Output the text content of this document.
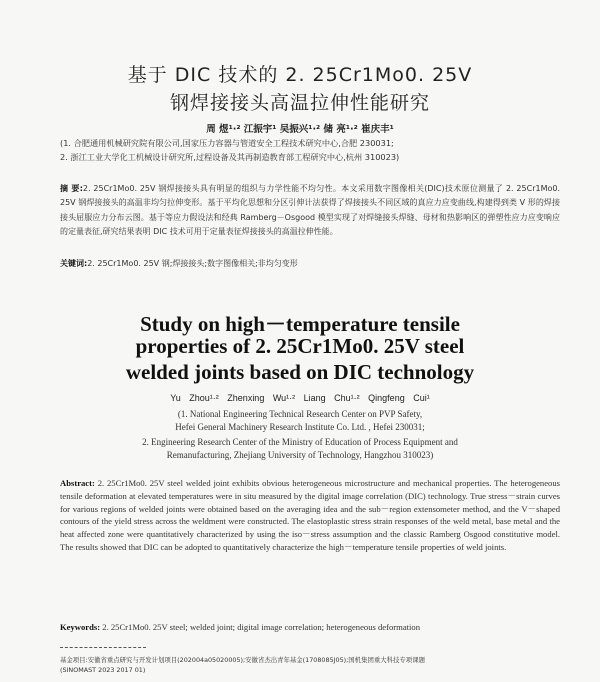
基于 DIC 技术的 2. 25Cr1Mo0. 25V
钢焊接接头高温拉伸性能研究
周 煜¹·² 江振宇¹ 吴振兴¹·² 储 亮¹·² 崔庆丰¹
(1. 合肥通用机械研究院有限公司,国家压力容器与管道安全工程技术研究中心,合肥 230031;
2. 浙江工业大学化工机械设计研究所,过程设备及其再制造教育部工程研究中心,杭州 310023)
摘 要:2. 25Cr1Mo0. 25V 钢焊接接头具有明显的组织与力学性能不均匀性。本文采用数字图像相关(DIC)技术原位测量了 2. 25Cr1Mo0. 25V 钢焊接接头的高温非均匀拉伸变形。基于平均化思想和分区引伸计法获得了焊接接头不同区域的真应力应变曲线,构建得到类 V 形的焊接接头屈服应力分布云图。基于等应力假设法和经典 Ramberg－Osgood 模型实现了对焊缝接头焊缝、母材和热影响区的弹塑性应力应变响应的定量表征,研究结果表明 DIC 技术可用于定量表征焊接接头的高温拉伸性能。
关键词:2. 25Cr1Mo0. 25V 钢;焊接接头;数字图像相关;非均匀变形
Study on high－temperature tensile
properties of 2. 25Cr1Mo0. 25V steel
welded joints based on DIC technology
Yu Zhou¹·² Zhenxing Wu¹·² Liang Chu¹·² Qingfeng Cui¹
(1. National Engineering Technical Research Center on PVP Safety,
Hefei General Machinery Research Institute Co. Ltd. , Hefei 230031;
2. Engineering Research Center of the Ministry of Education of Process Equipment and
Remanufacturing, Zhejiang University of Technology, Hangzhou 310023)
Abstract: 2. 25Cr1Mo0. 25V steel welded joint exhibits obvious heterogeneous microstructure and mechanical properties. The heterogeneous tensile deformation at elevated temperatures were in situ measured by the digital image correlation (DIC) technology. True stress－strain curves for various regions of welded joints were obtained based on the averaging idea and the sub－region extensometer method, and the V－shaped contours of the yield stress across the weldment were constructed. The elastoplastic stress strain responses of the weld metal, base metal and the heat affected zone were quantitatively characterized by using the iso－stress assumption and the classic Ramberg Osgood constitutive model. The results showed that DIC can be adopted to quantitatively characterize the high－temperature tensile properties of weld joints.
Keywords: 2. 25Cr1Mo0. 25V steel; welded joint; digital image correlation; heterogeneous deformation
基金项目:安徽省重点研究与开发计划项目(202004a05020005);安徽省杰出青年基金(1708085J05);国机集团重大科技专项课题
(SINOMAST 2023 2017 01)
